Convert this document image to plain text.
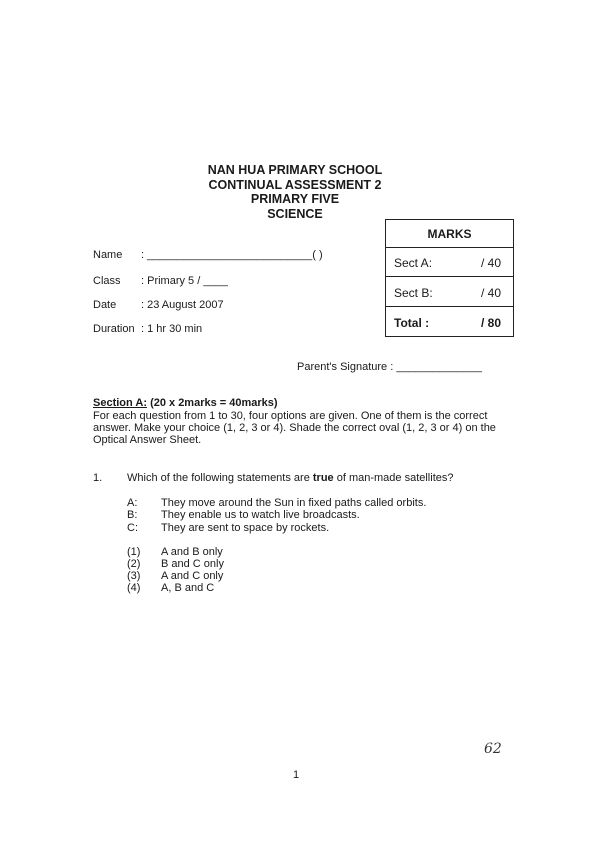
NAN HUA PRIMARY SCHOOL
CONTINUAL ASSESSMENT 2
PRIMARY FIVE
SCIENCE
Name : ___________________________( )
Class : Primary 5 / ____
Date : 23 August 2007
Duration : 1 hr 30 min
MARKS
Sect A:	/ 40
Sect B:	/ 40
Total :	/ 80
Parent's Signature : ______________
Section A: (20 x 2marks = 40marks)
For each question from 1 to 30, four options are given. One of them is the correct answer. Make your choice (1, 2, 3 or 4). Shade the correct oval (1, 2, 3 or 4) on the Optical Answer Sheet.
1. Which of the following statements are true of man-made satellites?
A: They move around the Sun in fixed paths called orbits.
B: They enable us to watch live broadcasts.
C: They are sent to space by rockets.
(1) A and B only
(2) B and C only
(3) A and C only
(4) A, B and C
62
1
